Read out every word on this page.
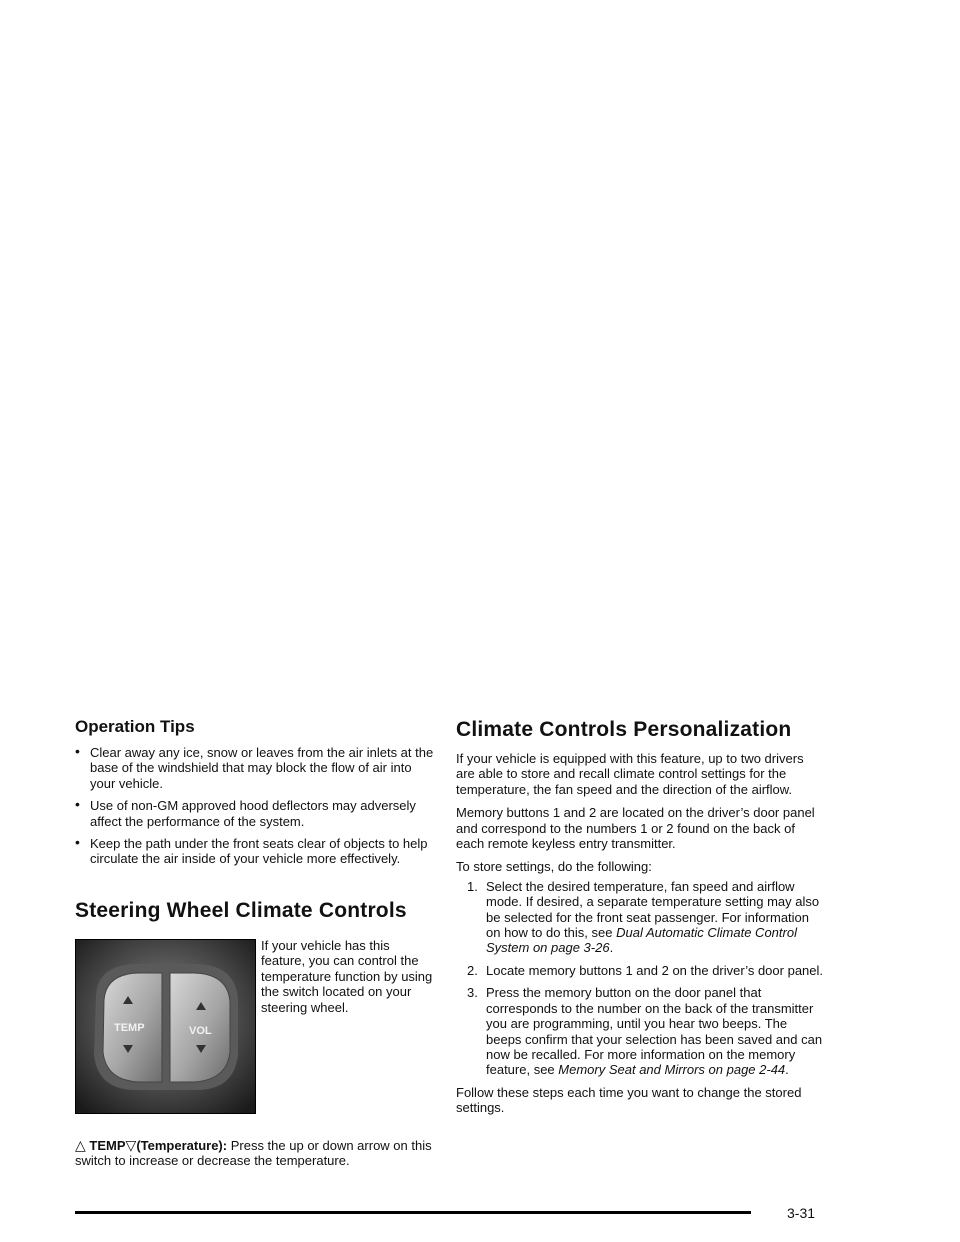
Operation Tips
• Clear away any ice, snow or leaves from the air inlets at the base of the windshield that may block the flow of air into your vehicle.
• Use of non-GM approved hood deflectors may adversely affect the performance of the system.
• Keep the path under the front seats clear of objects to help circulate the air inside of your vehicle more effectively.
Steering Wheel Climate Controls
TEMP	VOL

If your vehicle has this feature, you can control the temperature function by using the switch located on your steering wheel.

△ TEMP▽(Temperature): Press the up or down arrow on this switch to increase or decrease the temperature.

Climate Controls Personalization

If your vehicle is equipped with this feature, up to two drivers are able to store and recall climate control settings for the temperature, the fan speed and the direction of the airflow.

Memory buttons 1 and 2 are located on the driver’s door panel and correspond to the numbers 1 or 2 found on the back of each remote keyless entry transmitter.

To store settings, do the following:

1. Select the desired temperature, fan speed and airflow mode. If desired, a separate temperature setting may also be selected for the front seat passenger. For information on how to do this, see Dual Automatic Climate Control System on page 3-26.
2. Locate memory buttons 1 and 2 on the driver’s door panel.
3. Press the memory button on the door panel that corresponds to the number on the back of the transmitter you are programming, until you hear two beeps. The beeps confirm that your selection has been saved and can now be recalled. For more information on the memory feature, see Memory Seat and Mirrors on page 2-44.

Follow these steps each time you want to change the stored settings.

3-31
